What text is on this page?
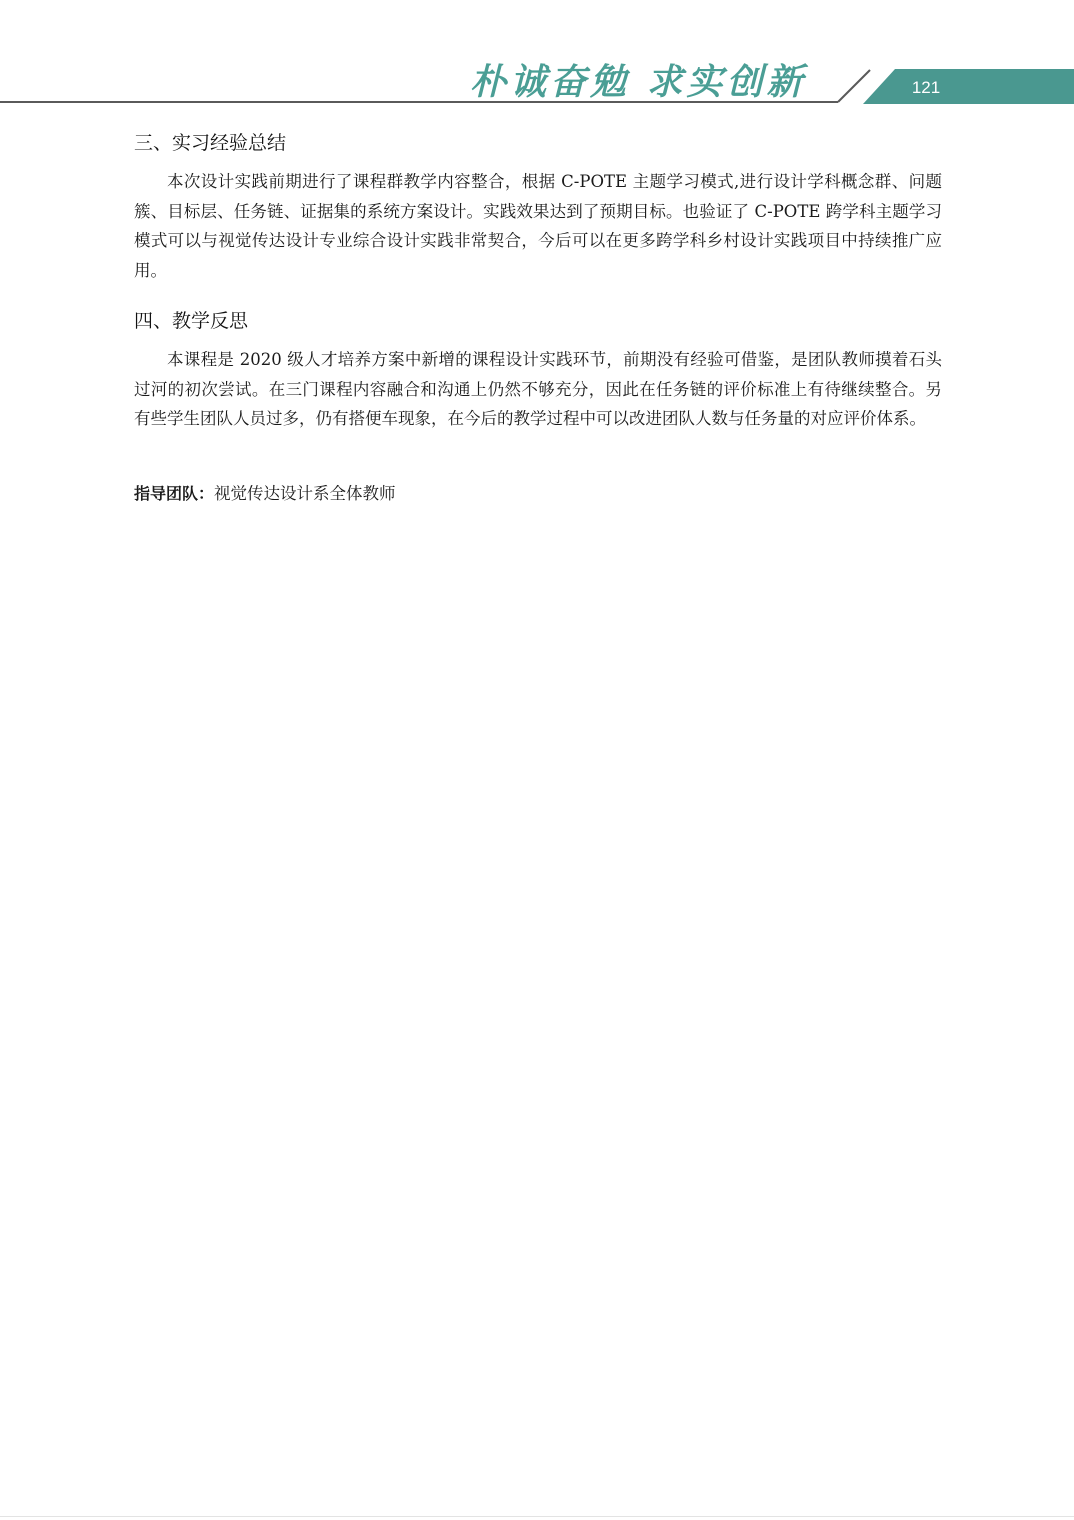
朴诚奋勉 求实创新	121
三、实习经验总结

本次设计实践前期进行了课程群教学内容整合，根据 C-POTE 主题学习模式,进行设计学科概念群、问题簇、目标层、任务链、证据集的系统方案设计。实践效果达到了预期目标。也验证了 C-POTE 跨学科主题学习模式可以与视觉传达设计专业综合设计实践非常契合，今后可以在更多跨学科乡村设计实践项目中持续推广应用。

四、教学反思

本课程是 2020 级人才培养方案中新增的课程设计实践环节，前期没有经验可借鉴，是团队教师摸着石头过河的初次尝试。在三门课程内容融合和沟通上仍然不够充分，因此在任务链的评价标准上有待继续整合。另有些学生团队人员过多，仍有搭便车现象，在今后的教学过程中可以改进团队人数与任务量的对应评价体系。

指导团队：视觉传达设计系全体教师
